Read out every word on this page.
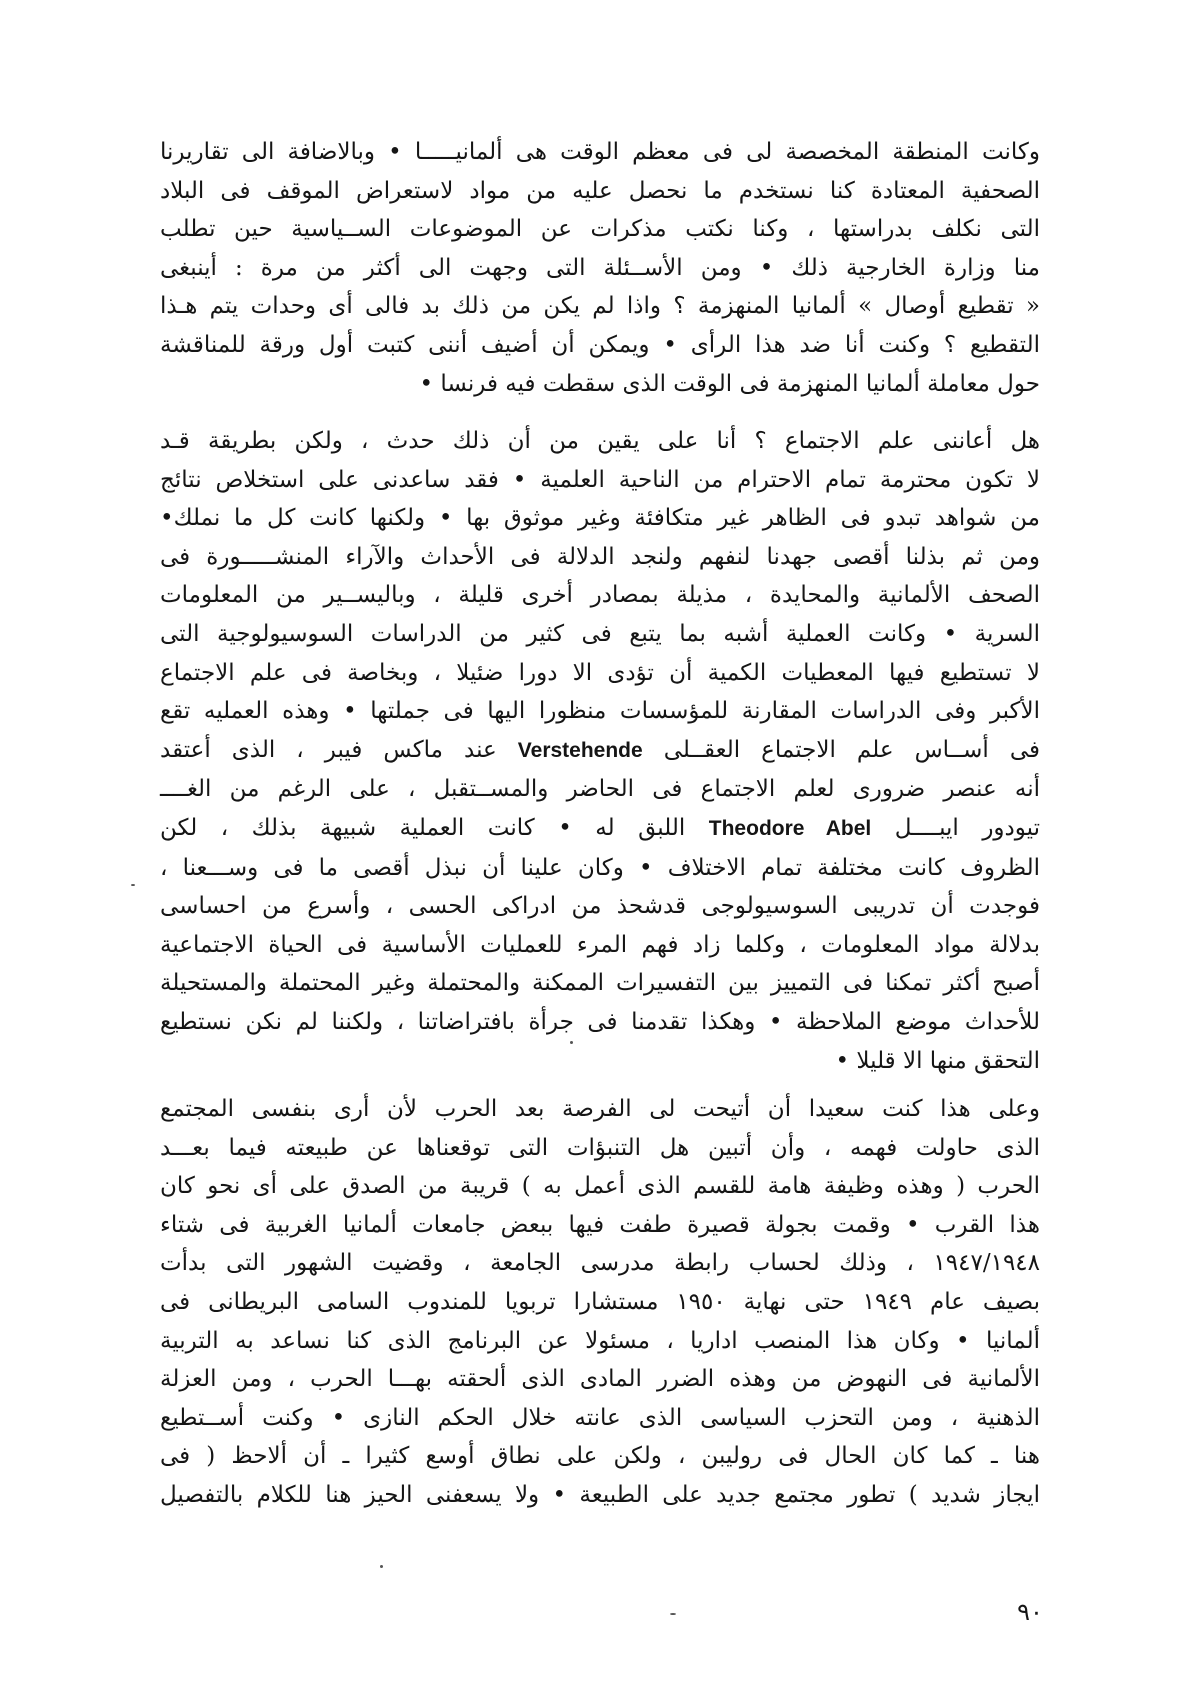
وكانت المنطقة المخصصة لى فى معظم الوقت هى ألمانيـــــا • وبالاضافة الى تقاريرنا
الصحفية المعتادة كنا نستخدم ما نحصل عليه من مواد لاستعراض الموقف فى البلاد
التى نكلف بدراستها ، وكنا نكتب مذكرات عن الموضوعات الســياسية حين تطلب
منا وزارة الخارجية ذلك • ومن الأســئلة التى وجهت الى أكثر من مرة : أينبغى
« تقطيع أوصال » ألمانيا المنهزمة ؟ واذا لم يكن من ذلك بد فالى أى وحدات يتم هـذا
التقطيع ؟ وكنت أنا ضد هذا الرأى • ويمكن أن أضيف أننى كتبت أول ورقة للمناقشة
حول معاملة ألمانيا المنهزمة فى الوقت الذى سقطت فيه فرنسا •
هل أعاننى علم الاجتماع ؟ أنا على يقين من أن ذلك حدث ، ولكن بطريقة قـد
لا تكون محترمة تمام الاحترام من الناحية العلمية • فقد ساعدنى على استخلاص نتائج
من شواهد تبدو فى الظاهر غير متكافئة وغير موثوق بها • ولكنها كانت كل ما نملك•
ومن ثم بذلنا أقصى جهدنا لنفهم ولنجد الدلالة فى الأحداث والآراء المنشـــــورة فى
الصحف الألمانية والمحايدة ، مذيلة بمصادر أخرى قليلة ، وباليســير من المعلومات
السرية • وكانت العملية أشبه بما يتبع فى كثير من الدراسات السوسيولوجية التى
لا تستطيع فيها المعطيات الكمية أن تؤدى الا دورا ضئيلا ، وبخاصة فى علم الاجتماع
الأكبر وفى الدراسات المقارنة للمؤسسات منظورا اليها فى جملتها • وهذه العمليه تقع
فى أســاس علم الاجتماع العقــلى Verstehende عند ماكس فيبر ، الذى أعتقد
أنه عنصر ضرورى لعلم الاجتماع فى الحاضر والمســتقبل ، على الرغم من الغــــ
تيودور ايبــــل Theodore Abel اللبق له • كانت العملية شبيهة بذلك ، لكن
الظروف كانت مختلفة تمام الاختلاف • وكان علينا أن نبذل أقصى ما فى وســـعنا ،
فوجدت أن تدريبى السوسيولوجى قدشحذ من ادراكى الحسى ، وأسرع من احساسى
بدلالة مواد المعلومات ، وكلما زاد فهم المرء للعمليات الأساسية فى الحياة الاجتماعية
أصبح أكثر تمكنا فى التمييز بين التفسيرات الممكنة والمحتملة وغير المحتملة والمستحيلة
للأحداث موضع الملاحظة • وهكذا تقدمنا فى جرأة بافتراضاتنا ، ولكننا لم نكن نستطيع
التحقق منها الا قليلا •
وعلى هذا كنت سعيدا أن أتيحت لى الفرصة بعد الحرب لأن أرى بنفسى المجتمع
الذى حاولت فهمه ، وأن أتبين هل التنبؤات التى توقعناها عن طبيعته فيما بعـــد
الحرب ( وهذه وظيفة هامة للقسم الذى أعمل به ) قريبة من الصدق على أى نحو كان
هذا القرب • وقمت بجولة قصيرة طفت فيها ببعض جامعات ألمانيا الغربية فى شتاء
١٩٤٧/١٩٤٨ ، وذلك لحساب رابطة مدرسى الجامعة ، وقضيت الشهور التى بدأت
بصيف عام ١٩٤٩ حتى نهاية ١٩٥٠ مستشارا تربويا للمندوب السامى البريطانى فى
ألمانيا • وكان هذا المنصب اداريا ، مسئولا عن البرنامج الذى كنا نساعد به التربية
الألمانية فى النهوض من وهذه الضرر المادى الذى ألحقته بهـــا الحرب ، ومن العزلة
الذهنية ، ومن التحزب السياسى الذى عانته خلال الحكم النازى • وكنت أســتطيع
هنا ـ كما كان الحال فى روليبن ، ولكن على نطاق أوسع كثيرا ـ أن ألاحظ ( فى
ايجاز شديد ) تطور مجتمع جديد على الطبيعة • ولا يسعفنى الحيز هنا للكلام بالتفصيل
٩٠
